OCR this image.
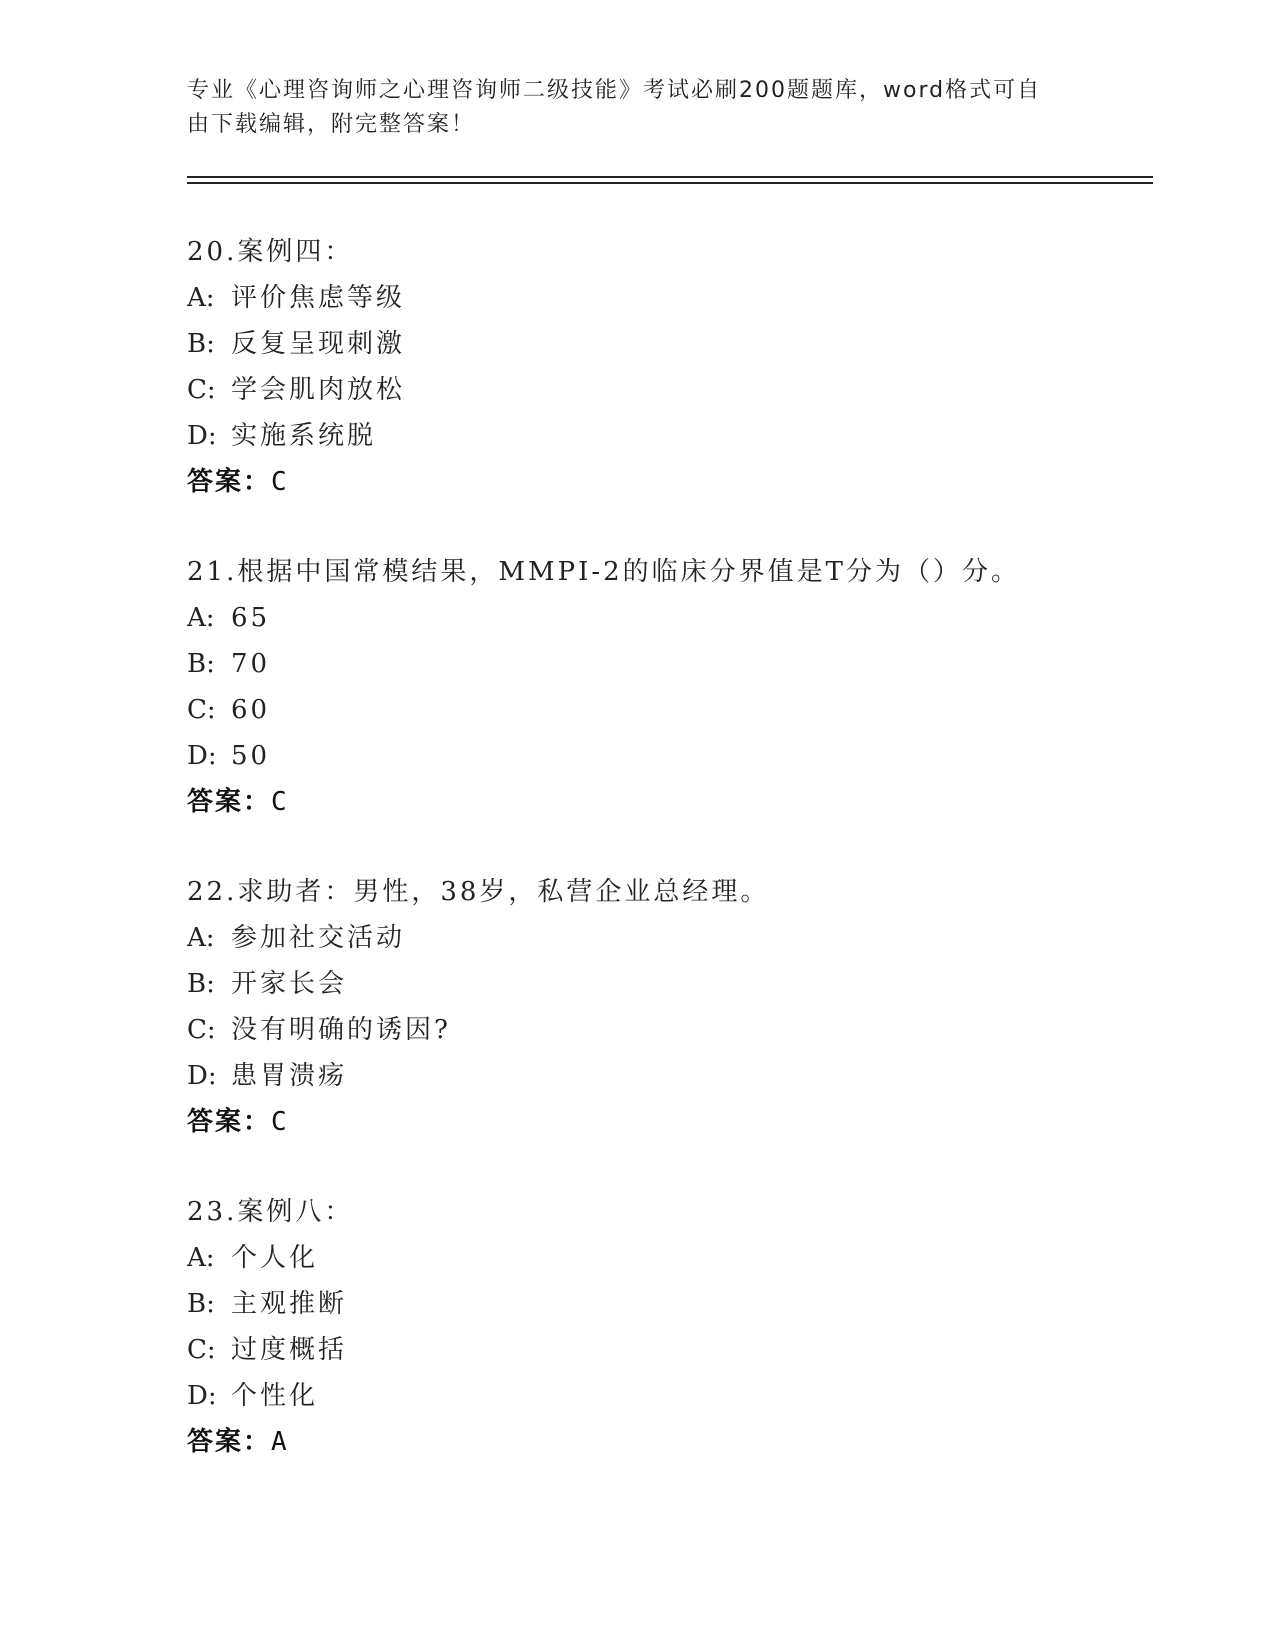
专业《心理咨询师之心理咨询师二级技能》考试必刷200题题库，word格式可自由下载编辑，附完整答案！
20.案例四：
A: 评价焦虑等级
B: 反复呈现刺激
C: 学会肌肉放松
D: 实施系统脱
答案：C
21.根据中国常模结果，MMPI-2的临床分界值是T分为（）分。
A: 65
B: 70
C: 60
D: 50
答案：C
22.求助者：男性，38岁，私营企业总经理。
A: 参加社交活动
B: 开家长会
C: 没有明确的诱因?
D: 患胃溃疡
答案：C
23.案例八：
A: 个人化
B: 主观推断
C: 过度概括
D: 个性化
答案：A
